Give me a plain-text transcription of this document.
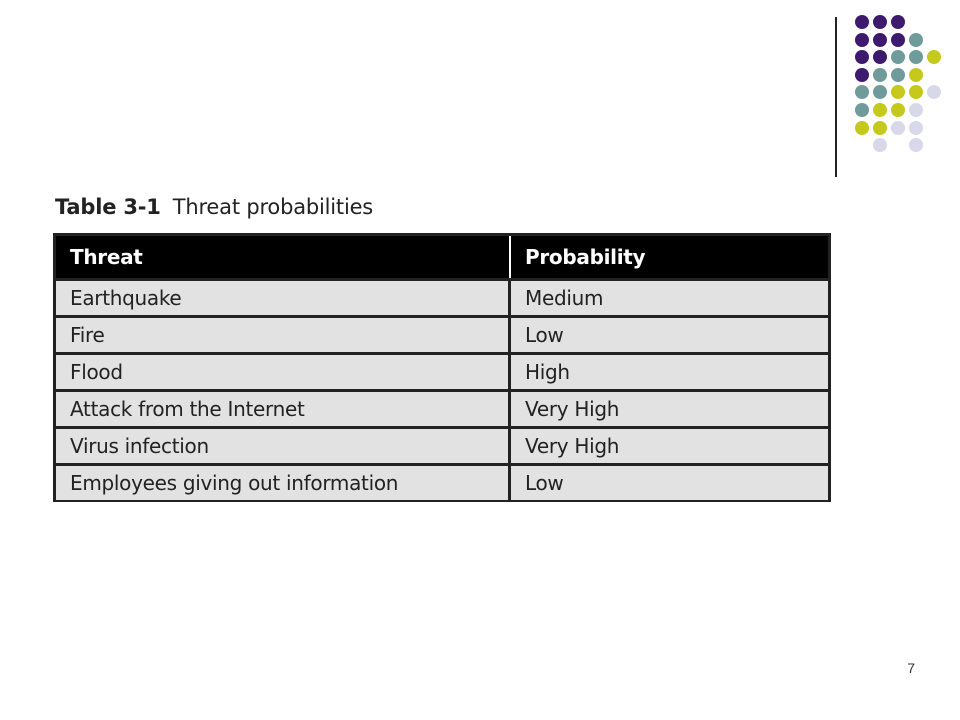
Table 3-1 Threat probabilities
Threat	Probability
Earthquake	Medium
Fire	Low
Flood	High
Attack from the Internet	Very High
Virus infection	Very High
Employees giving out information	Low
7
